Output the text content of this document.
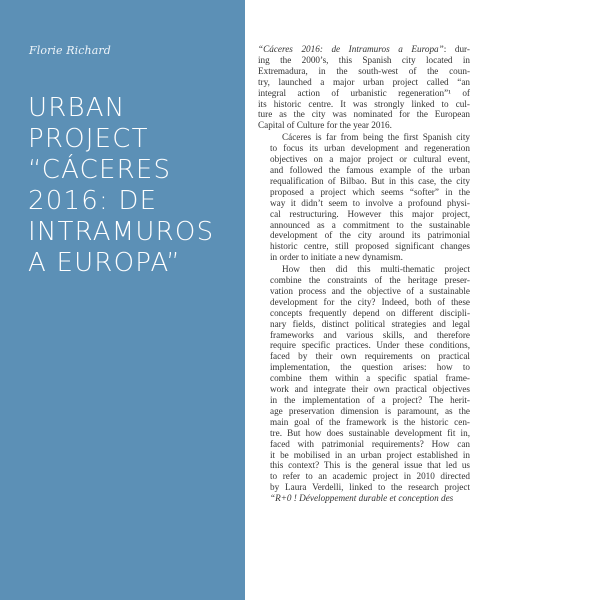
Florie Richard
URBAN
PROJECT
“CÁCERES
2016: DE
INTRAMUROS
A EUROPA”

“Cáceres 2016: de Intramuros a Europa”: dur-
ing the 2000’s, this Spanish city located in
Extremadura, in the south-west of the coun-
try, launched a major urban project called “an
integral action of urbanistic regeneration”¹ of
its historic centre. It was strongly linked to cul-
ture as the city was nominated for the European
Capital of Culture for the year 2016.

Cáceres is far from being the first Spanish city
to focus its urban development and regeneration
objectives on a major project or cultural event,
and followed the famous example of the urban
requalification of Bilbao. But in this case, the city
proposed a project which seems “softer” in the
way it didn’t seem to involve a profound physi-
cal restructuring. However this major project,
announced as a commitment to the sustainable
development of the city around its patrimonial
historic centre, still proposed significant changes
in order to initiate a new dynamism.

How then did this multi-thematic project
combine the constraints of the heritage preser-
vation process and the objective of a sustainable
development for the city? Indeed, both of these
concepts frequently depend on different discipli-
nary fields, distinct political strategies and legal
frameworks and various skills, and therefore
require specific practices. Under these conditions,
faced by their own requirements on practical
implementation, the question arises: how to
combine them within a specific spatial frame-
work and integrate their own practical objectives
in the implementation of a project? The herit-
age preservation dimension is paramount, as the
main goal of the framework is the historic cen-
tre. But how does sustainable development fit in,
faced with patrimonial requirements? How can
it be mobilised in an urban project established in
this context? This is the general issue that led us
to refer to an academic project in 2010 directed
by Laura Verdelli, linked to the research project
“R+0 ! Développement durable et conception des
